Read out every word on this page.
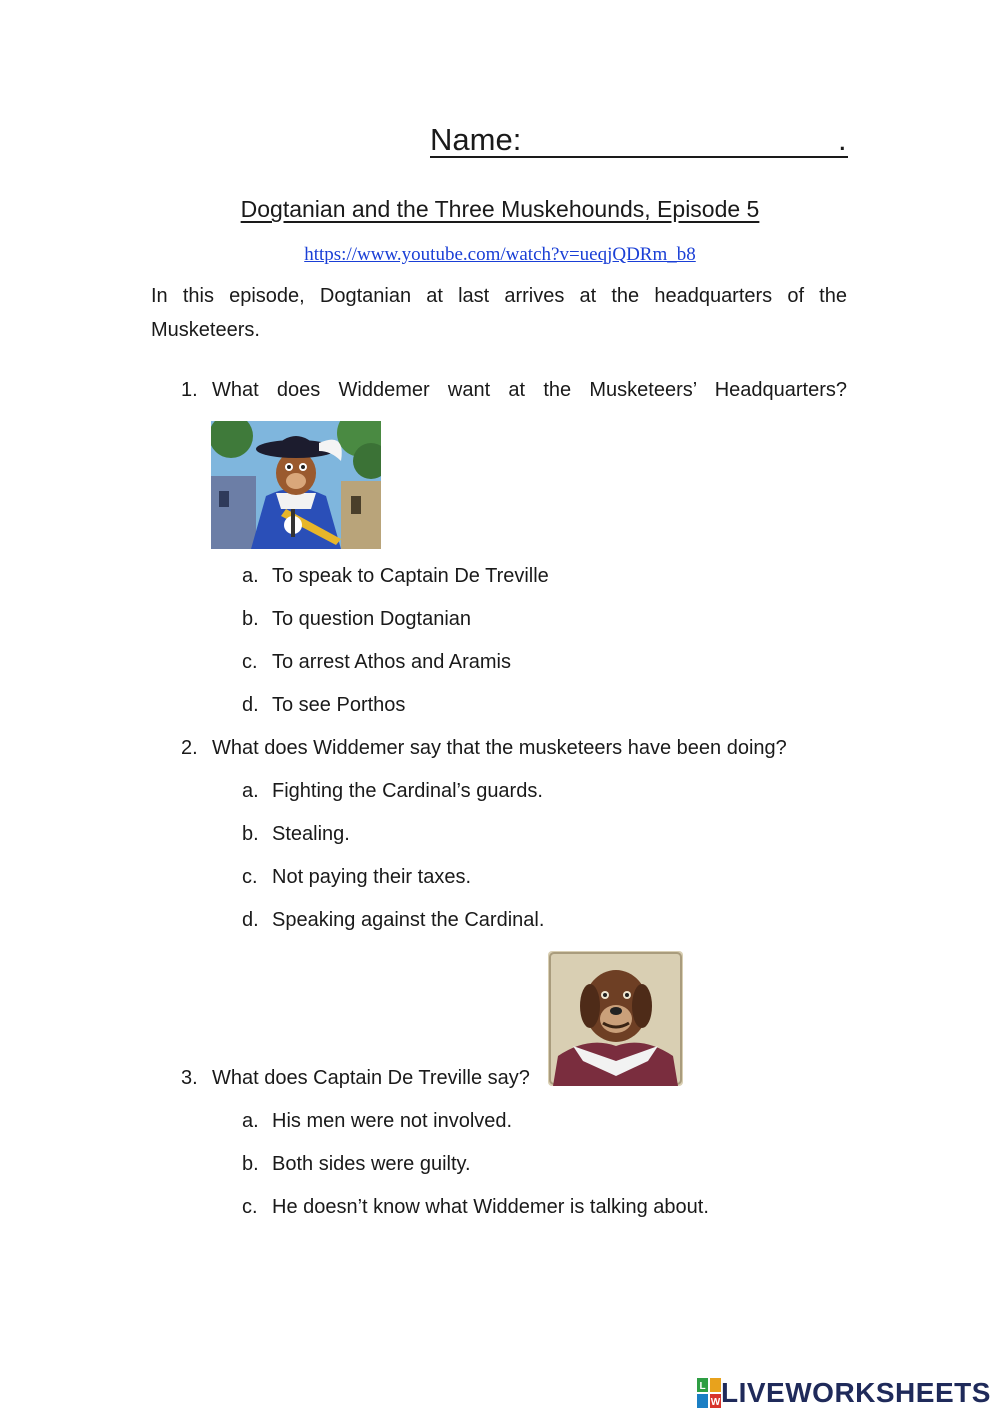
Name:	.
Dogtanian and the Three Muskehounds, Episode 5
https://www.youtube.com/watch?v=ueqjQDRm_b8
In this episode, Dogtanian at last arrives at the headquarters of the Musketeers.
1. What does Widdemer want at the Musketeers’ Headquarters?
a. To speak to Captain De Treville
b. To question Dogtanian
c. To arrest Athos and Aramis
d. To see Porthos
2. What does Widdemer say that the musketeers have been doing?
a. Fighting the Cardinal’s guards.
b. Stealing.
c. Not paying their taxes.
d. Speaking against the Cardinal.
3. What does Captain De Treville say?
a. His men were not involved.
b. Both sides were guilty.
c. He doesn’t know what Widdemer is talking about.
L
W LIVEWORKSHEETS
